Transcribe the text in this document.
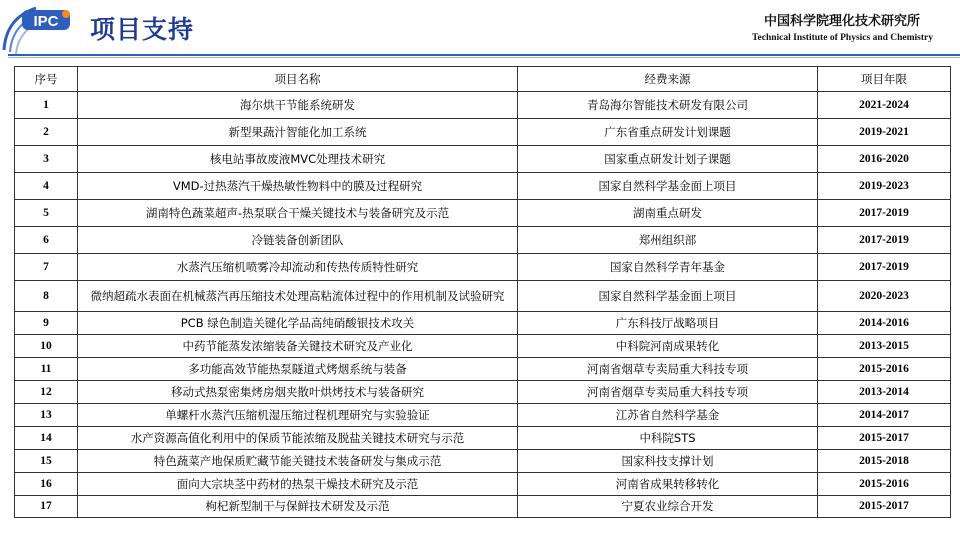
IPC 项目支持	中国科学院理化技术研究所
Technical Institute of Physics and Chemistry
序号	项目名称	经费来源	项目年限
1	海尔烘干节能系统研发	青岛海尔智能技术研发有限公司	2021-2024
2	新型果蔬汁智能化加工系统	广东省重点研发计划课题	2019-2021
3	核电站事故废液MVC处理技术研究	国家重点研发计划子课题	2016-2020
4	VMD-过热蒸汽干燥热敏性物料中的膜及过程研究	国家自然科学基金面上项目	2019-2023
5	湖南特色蔬菜超声-热泵联合干燥关键技术与装备研究及示范	湖南重点研发	2017-2019
6	冷链装备创新团队	郑州组织部	2017-2019
7	水蒸汽压缩机喷雾冷却流动和传热传质特性研究	国家自然科学青年基金	2017-2019
8	微纳超疏水表面在机械蒸汽再压缩技术处理高粘流体过程中的作用机制及试验研究	国家自然科学基金面上项目	2020-2023
9	PCB 绿色制造关键化学品高纯硝酸银技术攻关	广东科技厅战略项目	2014-2016
10	中药节能蒸发浓缩装备关键技术研究及产业化	中科院河南成果转化	2013-2015
11	多功能高效节能热泵隧道式烤烟系统与装备	河南省烟草专卖局重大科技专项	2015-2016
12	移动式热泵密集烤房烟夹散叶烘烤技术与装备研究	河南省烟草专卖局重大科技专项	2013-2014
13	单螺杆水蒸汽压缩机湿压缩过程机理研究与实验验证	江苏省自然科学基金	2014-2017
14	水产资源高值化利用中的保质节能浓缩及脱盐关键技术研究与示范	中科院STS	2015-2017
15	特色蔬菜产地保质贮藏节能关键技术装备研发与集成示范	国家科技支撑计划	2015-2018
16	面向大宗块茎中药材的热泵干燥技术研究及示范	河南省成果转移转化	2015-2016
17	枸杞新型制干与保鲜技术研发及示范	宁夏农业综合开发	2015-2017
